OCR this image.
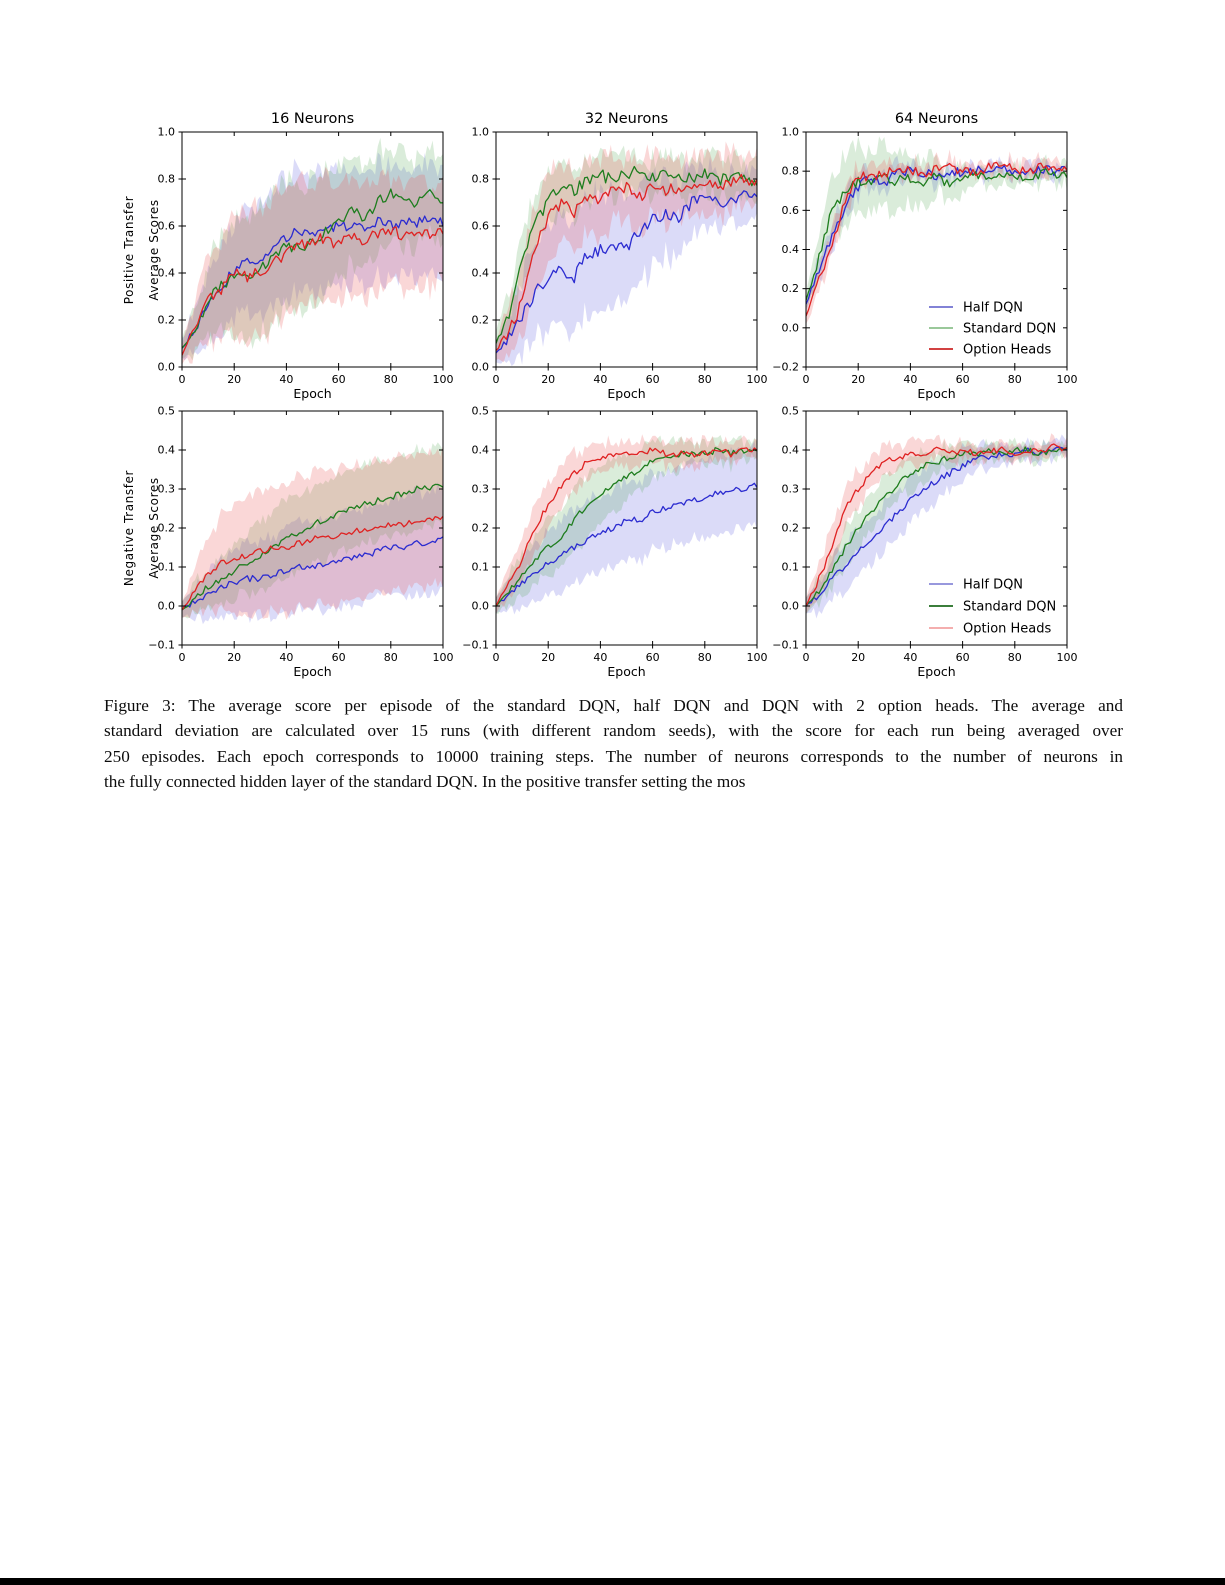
Positive Transfer Average Scores
Negative Transfer Average Scores
0.0
0.2
0.4
0.6
0.8
1.0
0	20	40	60	80	100
16 Neurons
Epoch
0.0
0.2
0.4
0.6
0.8
1.0
0	20	40	60	80	100
32 Neurons
Epoch
−0.2
0.0
0.2
0.4
0.6
0.8
1.0
0	20	40	60	80	100
64 Neurons
Epoch
Half DQN
Standard DQN
Option Heads
−0.1
0.0
0.1
0.2
0.3
0.4
0.5
0	20	40	60	80	100
Epoch
−0.1
0.0
0.1
0.2
0.3
0.4
0.5
0	20	40	60	80	100
Epoch
−0.1
0.0
0.1
0.2
0.3
0.4
0.5
0	20	40	60	80	100
Epoch
Half DQN
Standard DQN
Option Heads
Figure 3: The average score per episode of the standard DQN, half DQN and DQN with 2 option heads. The average and
standard deviation are calculated over 15 runs (with different random seeds), with the score for each run being averaged over
250 episodes. Each epoch corresponds to 10000 training steps. The number of neurons corresponds to the number of neurons in
the fully connected hidden layer of the standard DQN. In the positive transfer setting the mos
